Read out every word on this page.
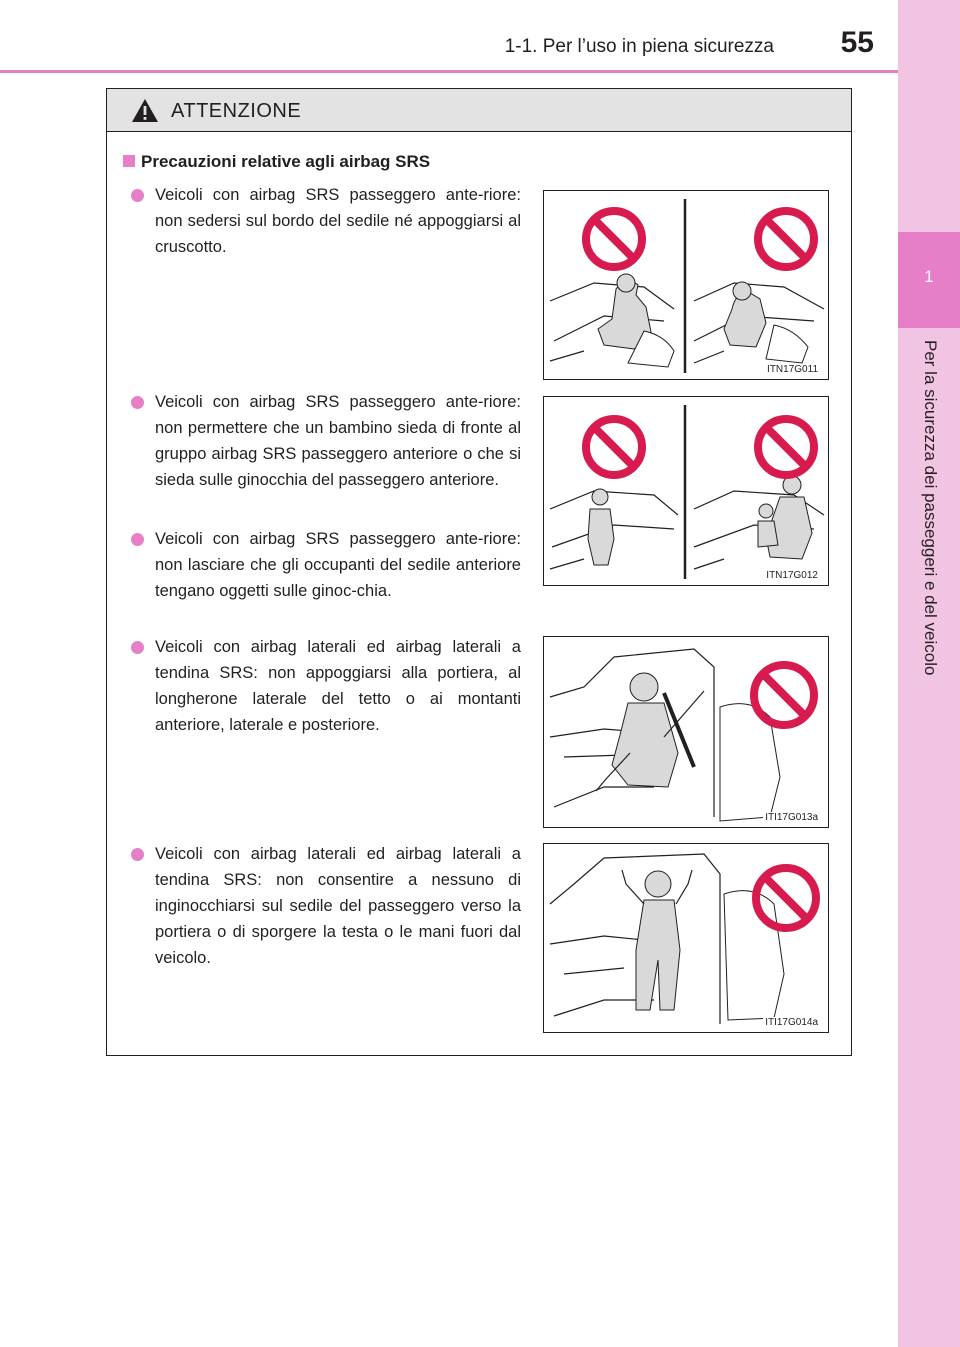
1-1. Per l’uso in piena sicurezza 55
1
Per la sicurezza dei passeggeri e del veicolo
ATTENZIONE
Precauzioni relative agli airbag SRS
Veicoli con airbag SRS passeggero ante-riore: non sedersi sul bordo del sedile né appoggiarsi al cruscotto.
Veicoli con airbag SRS passeggero ante-riore: non permettere che un bambino sieda di fronte al gruppo airbag SRS passeggero anteriore o che si sieda sulle ginocchia del passeggero anteriore.
Veicoli con airbag SRS passeggero ante-riore: non lasciare che gli occupanti del sedile anteriore tengano oggetti sulle ginoc-chia.
Veicoli con airbag laterali ed airbag laterali a tendina SRS: non appoggiarsi alla portiera, al longherone laterale del tetto o ai montanti anteriore, laterale e posteriore.
Veicoli con airbag laterali ed airbag laterali a tendina SRS: non consentire a nessuno di inginocchiarsi sul sedile del passeggero verso la portiera o di sporgere la testa o le mani fuori dal veicolo.
ITN17G011
ITN17G012
ITI17G013a
ITI17G014a
